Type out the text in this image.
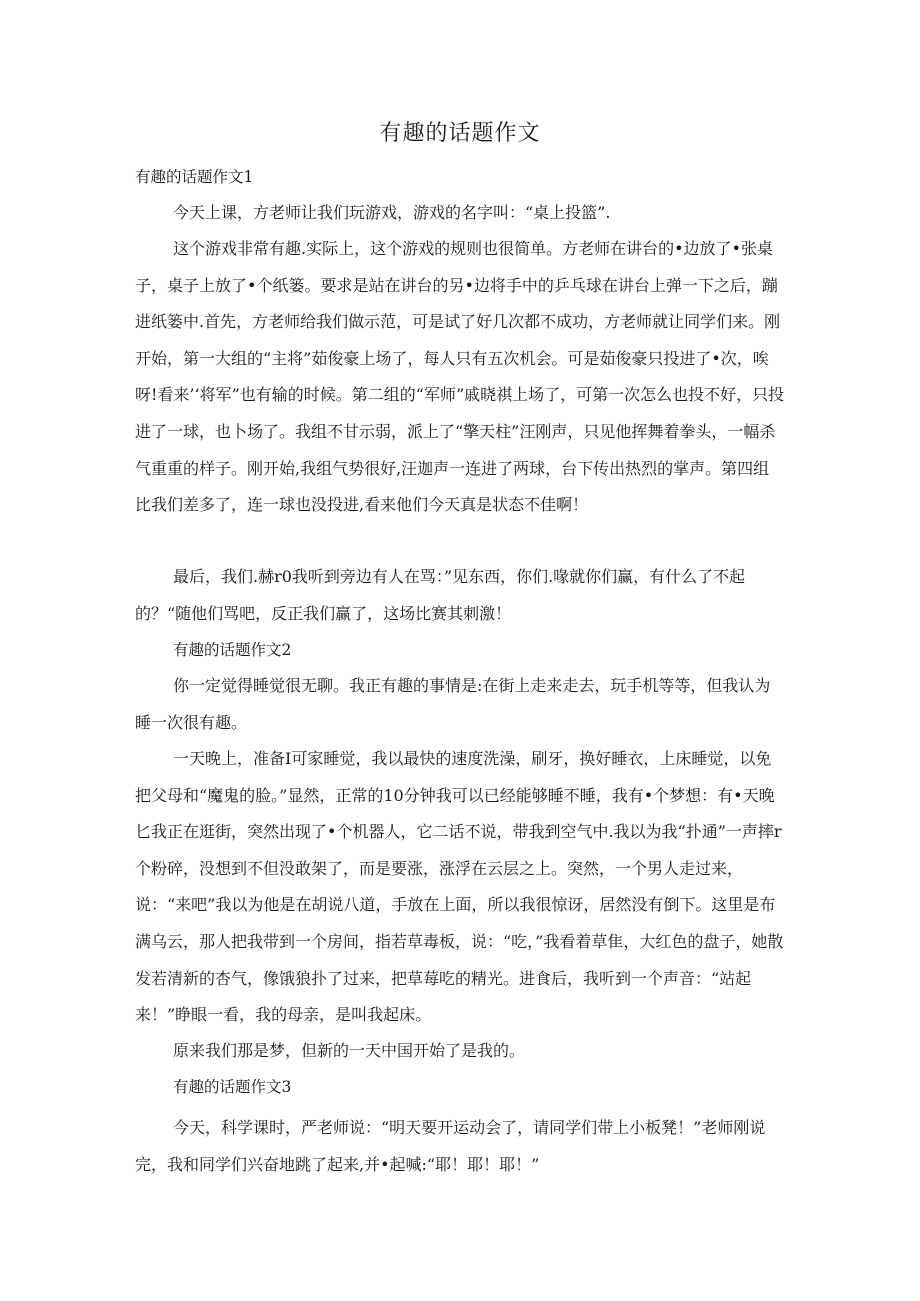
有趣的话题作文

有趣的话题作文1

今天上课，方老师让我们玩游戏，游戏的名字叫：“桌上投篮”.

这个游戏非常有趣.实际上，这个游戏的规则也很简单。方老师在讲台的•边放了•张桌子，桌子上放了•个纸篓。要求是站在讲台的另•边将手中的乒乓球在讲台上弹一下之后，蹦进纸篓中.首先，方老师给我们做示范，可是试了好几次都不成功，方老师就让同学们来。刚开始，第一大组的“主将”茹俊豪上场了，每人只有五次机会。可是茹俊豪只投进了•次，唉呀!看来’‘将军”也有输的时候。第二组的“军师”戚晓祺上场了，可第一次怎么也投不好，只投进了一球，也卜场了。我组不甘示弱，派上了“擎天柱”汪刚声，只见他挥舞着拳头，一幅杀气重重的样子。刚开始,我组气势很好,汪迦声一连进了两球，台下传出热烈的掌声。第四组比我们差多了，连一球也没投进,看来他们今天真是状态不佳啊！

最后，我们.赫r0我听到旁边有人在骂：”见东西，你们.喙就你们赢，有什么了不起的？“随他们骂吧，反正我们赢了，这场比赛其刺激！

有趣的话题作文2

你一定觉得睡觉很无聊。我正有趣的事情是:在街上走来走去，玩手机等等，但我认为睡一次很有趣。

一天晚上，准备I可家睡觉，我以最快的速度洗澡，刷牙，换好睡衣，上床睡觉，以免把父母和“魔鬼的脸。”显然，正常的10分钟我可以已经能够睡不睡，我有•个梦想：有•天晚匕我正在逛街，突然出现了•个机器人，它二话不说，带我到空气中.我以为我“扑通”一声摔r个粉碎，没想到不但没敢架了，而是要涨，涨浮在云层之上。突然，一个男人走过来，说：“来吧”我以为他是在胡说八道，手放在上面，所以我很惊讶，居然没有倒下。这里是布满乌云，那人把我带到一个房间，指若草毒板，说：“吃，”我看着草隹，大红色的盘子，她散发若清新的杏气，像饿狼扑了过来，把草莓吃的精光。进食后，我听到一个声音：“站起来！”睁眼一看，我的母亲，是叫我起床。

原来我们那是梦，但新的一天中国开始了是我的。

有趣的话题作文3

今天，科学课时，严老师说：“明天要开运动会了，请同学们带上小板凳！”老师刚说完，我和同学们兴奋地跳了起来,并•起喊:“耶！耶！耶！”
